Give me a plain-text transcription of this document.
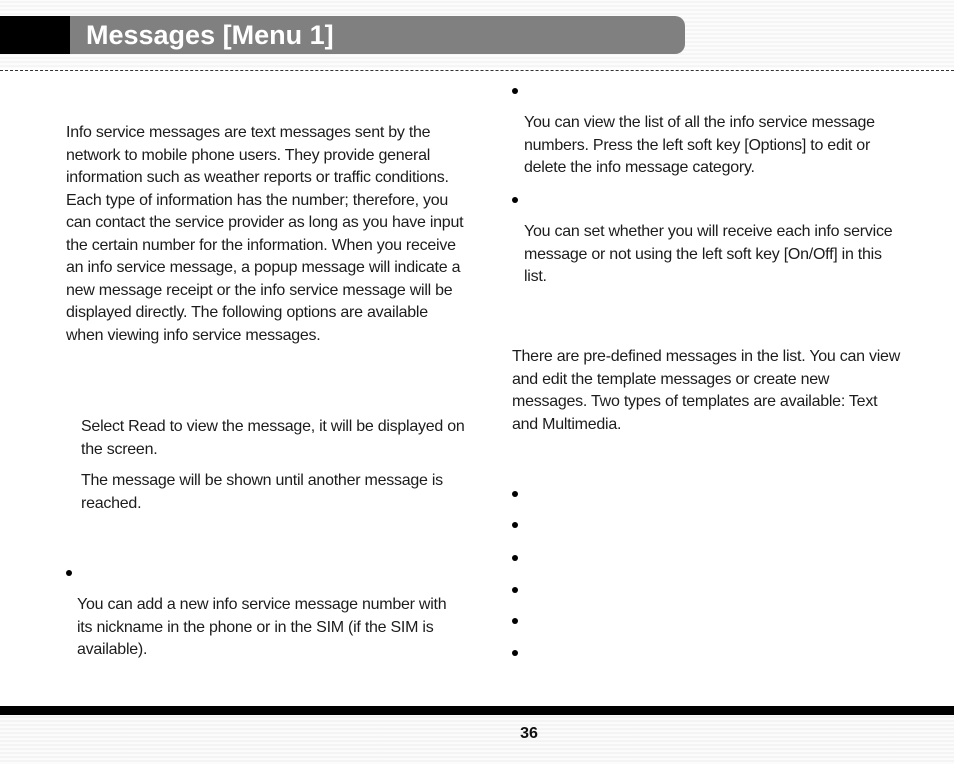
Messages [Menu 1]

Info service messages are text messages sent by the network to mobile phone users. They provide general information such as weather reports or traffic conditions. Each type of information has the number; therefore, you can contact the service provider as long as you have input the certain number for the information. When you receive an info service message, a popup message will indicate a new message receipt or the info service message will be displayed directly. The following options are available when viewing info service messages.

Select Read to view the message, it will be displayed on the screen.

The message will be shown until another message is reached.

You can add a new info service message number with its nickname in the phone or in the SIM (if the SIM is available).

You can view the list of all the info service message numbers. Press the left soft key [Options] to edit or delete the info message category.

You can set whether you will receive each info service message or not using the left soft key [On/Off] in this list.

There are pre-defined messages in the list. You can view and edit the template messages or create new messages. Two types of templates are available: Text and Multimedia.

36
